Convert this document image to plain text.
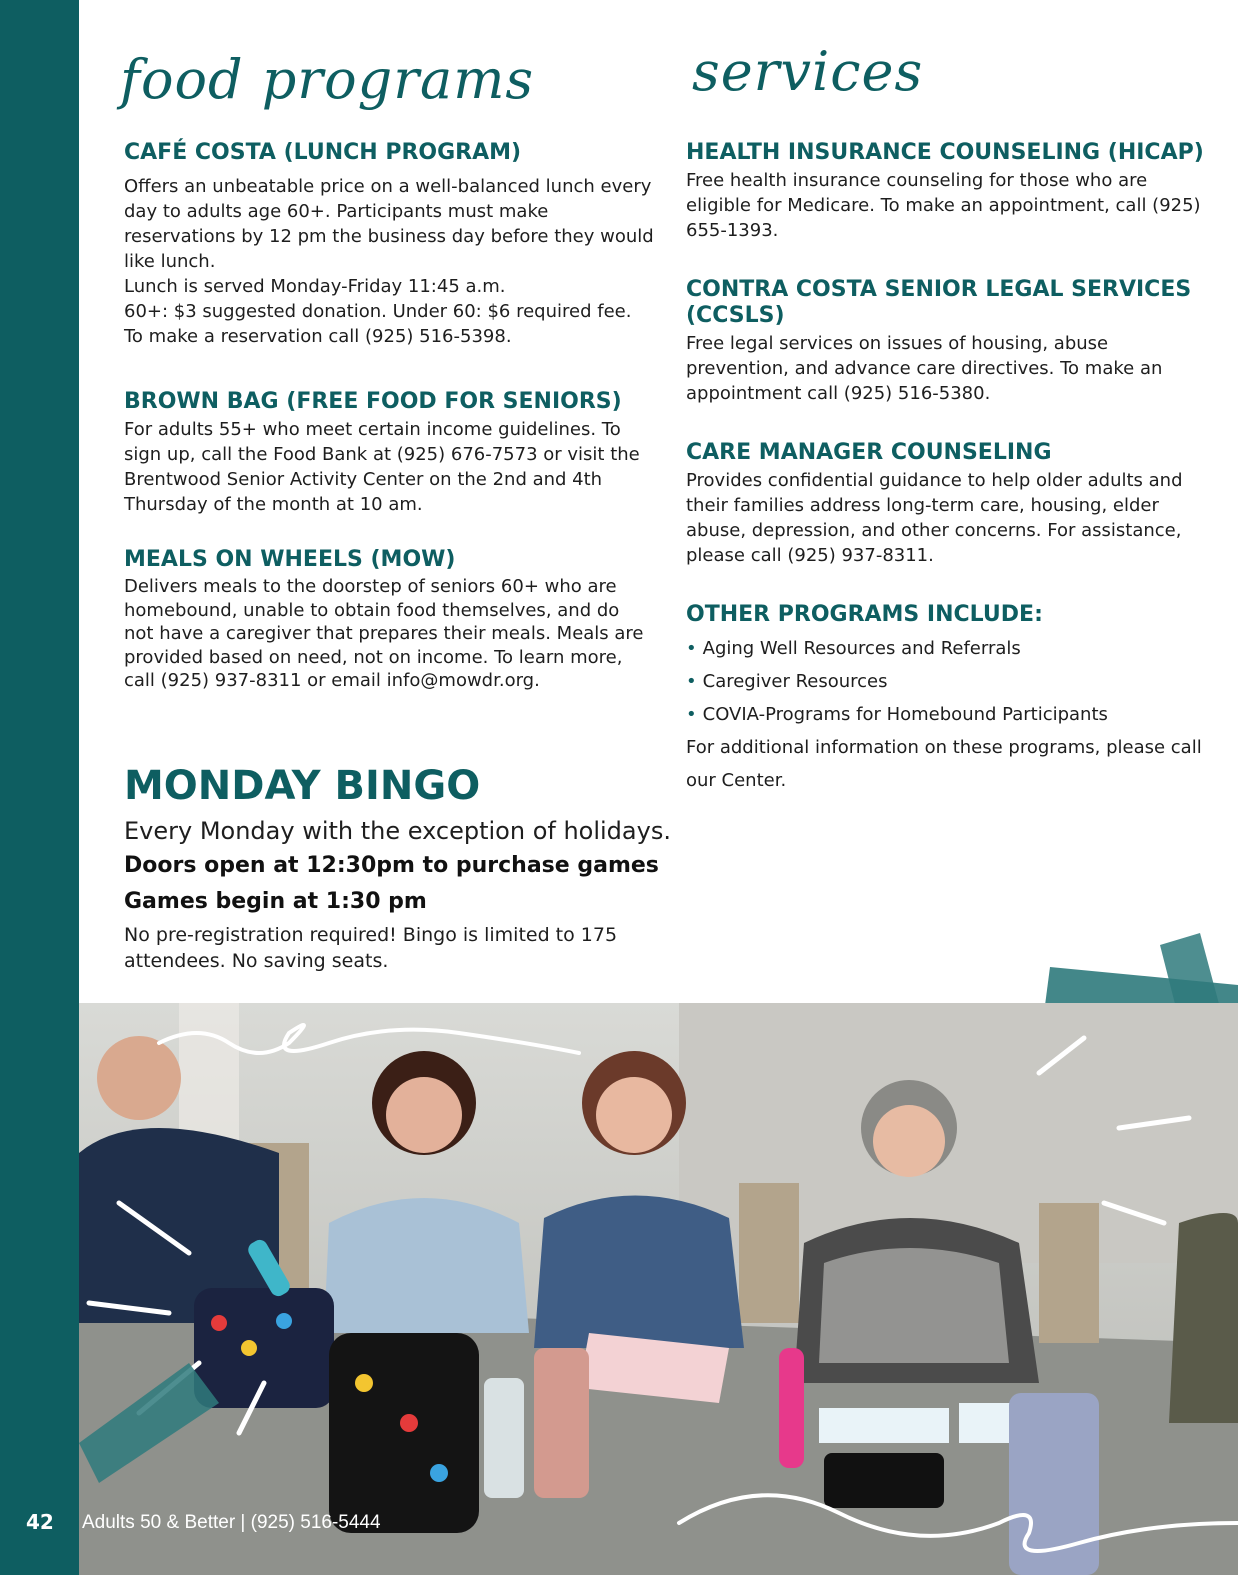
food programs	services
CAFÉ COSTA (LUNCH PROGRAM)

Offers an unbeatable price on a well-balanced lunch every day to adults age 60+. Participants must make reservations by 12 pm the business day before they would like lunch.
Lunch is served Monday-Friday 11:45 a.m.
60+: $3 suggested donation. Under 60: $6 required fee. To make a reservation call (925) 516-5398.

BROWN BAG (FREE FOOD FOR SENIORS)

For adults 55+ who meet certain income guidelines. To sign up, call the Food Bank at (925) 676-7573 or visit the Brentwood Senior Activity Center on the 2nd and 4th Thursday of the month at 10 am.

MEALS ON WHEELS (MOW)

Delivers meals to the doorstep of seniors 60+ who are homebound, unable to obtain food themselves, and do not have a caregiver that prepares their meals. Meals are provided based on need, not on income. To learn more, call (925) 937-8311 or email info@mowdr.org.

HEALTH INSURANCE COUNSELING (HICAP)

Free health insurance counseling for those who are eligible for Medicare. To make an appointment, call (925) 655-1393.

CONTRA COSTA SENIOR LEGAL SERVICES (CCSLS)

Free legal services on issues of housing, abuse prevention, and advance care directives. To make an appointment call (925) 516-5380.

CARE MANAGER COUNSELING

Provides confidential guidance to help older adults and their families address long-term care, housing, elder abuse, depression, and other concerns. For assistance, please call (925) 937-8311.

OTHER PROGRAMS INCLUDE:
• Aging Well Resources and Referrals
• Caregiver Resources
• COVIA-Programs for Homebound Participants

For additional information on these programs, please call our Center.

MONDAY BINGO
Every Monday with the exception of holidays.
Doors open at 12:30pm to purchase games
Games begin at 1:30 pm
No pre-registration required! Bingo is limited to 175 attendees. No saving seats.
42 Adults 50 & Better | (925) 516-5444
